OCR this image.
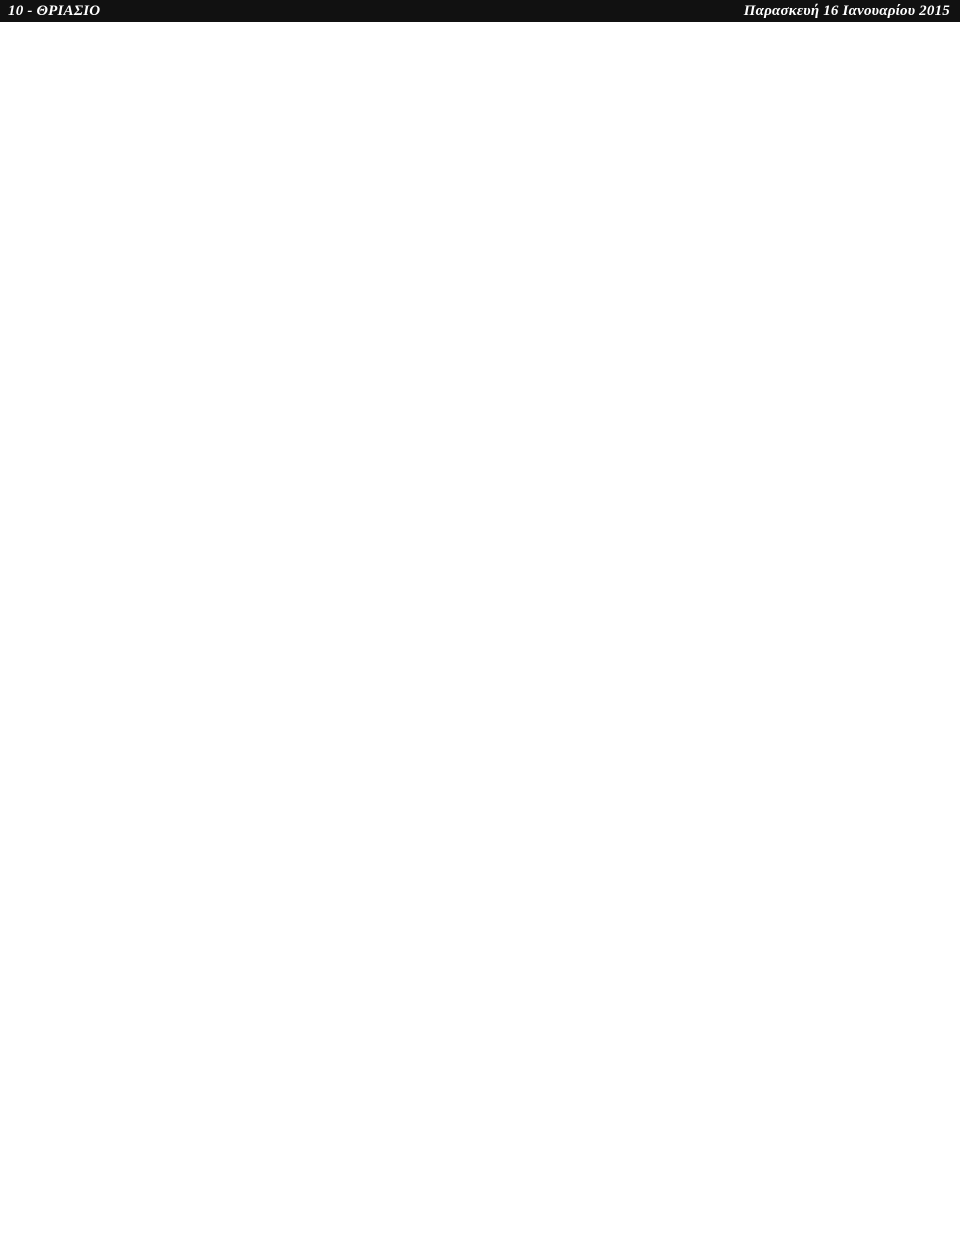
10 - ΘΡΙΑΣΙΟ	Παρασκευή 16 Ιανουαρίου 2015
